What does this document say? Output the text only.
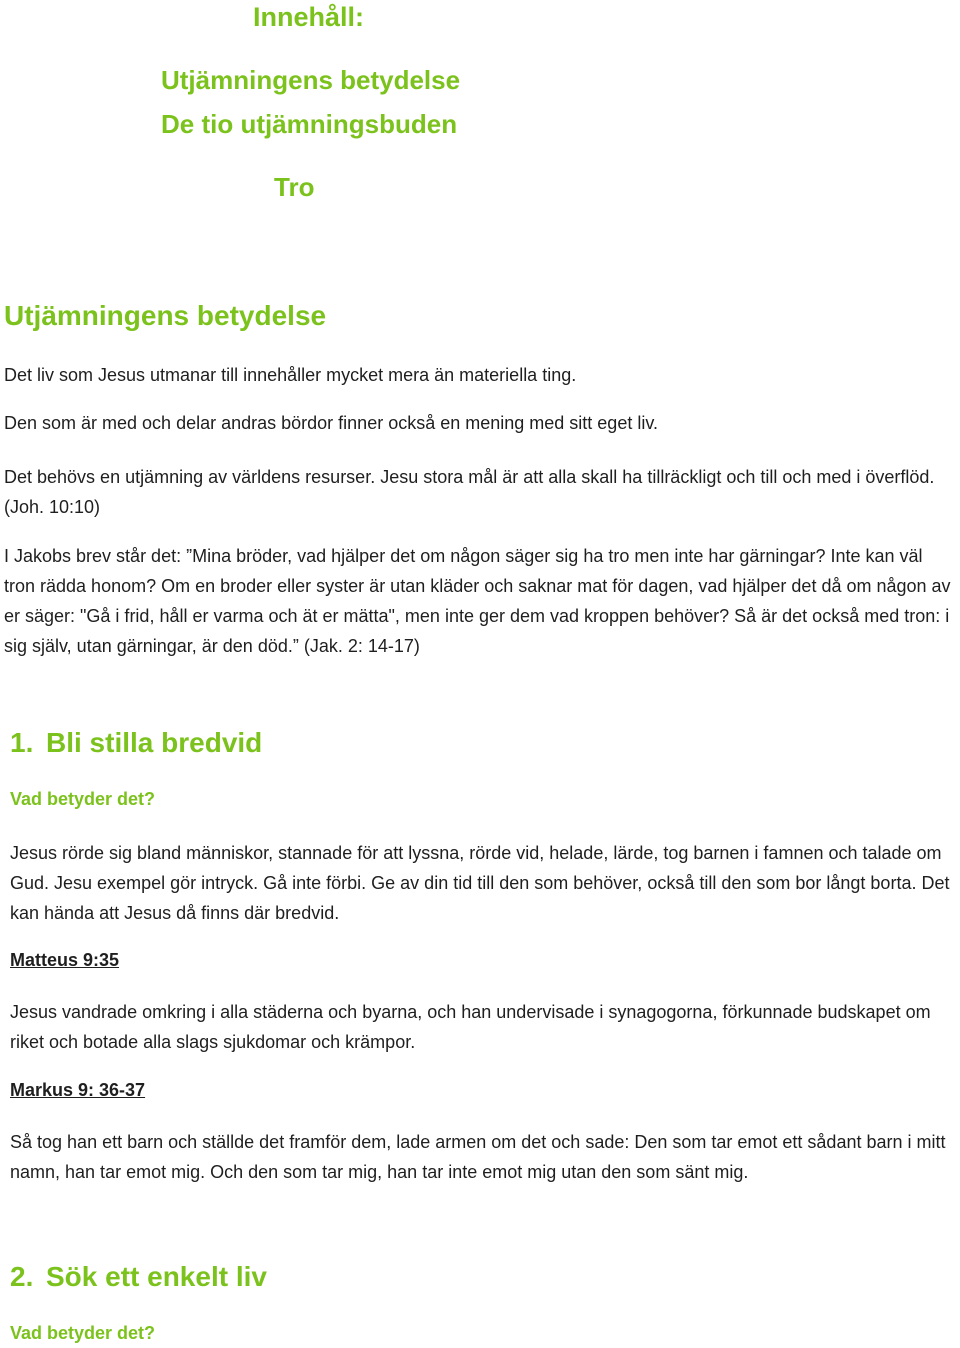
Innehåll:
Utjämningens betydelse
De tio utjämningsbuden
Tro
Utjämningens betydelse
Det liv som Jesus utmanar till innehåller mycket mera än materiella ting.
Den som är med och delar andras bördor finner också en mening med sitt eget liv.
Det behövs en utjämning av världens resurser. Jesu stora mål är att alla skall ha tillräckligt och till och med i överflöd. (Joh. 10:10)
I Jakobs brev står det: ”Mina bröder, vad hjälper det om någon säger sig ha tro men inte har gärningar? Inte kan väl tron rädda honom? Om en broder eller syster är utan kläder och saknar mat för dagen, vad hjälper det då om någon av er säger: "Gå i frid, håll er varma och ät er mätta", men inte ger dem vad kroppen behöver? Så är det också med tron: i sig själv, utan gärningar, är den död.” (Jak. 2: 14-17)
1. Bli stilla bredvid
Vad betyder det?
Jesus rörde sig bland människor, stannade för att lyssna, rörde vid, helade, lärde, tog barnen i famnen och talade om Gud. Jesu exempel gör intryck. Gå inte förbi. Ge av din tid till den som behöver, också till den som bor långt borta. Det kan hända att Jesus då finns där bredvid.
Matteus 9:35
Jesus vandrade omkring i alla städerna och byarna, och han undervisade i synagogorna, förkunnade budskapet om riket och botade alla slags sjukdomar och krämpor.
Markus 9: 36-37
Så tog han ett barn och ställde det framför dem, lade armen om det och sade: Den som tar emot ett sådant barn i mitt namn, han tar emot mig. Och den som tar mig, han tar inte emot mig utan den som sänt mig.
2. Sök ett enkelt liv
Vad betyder det?
